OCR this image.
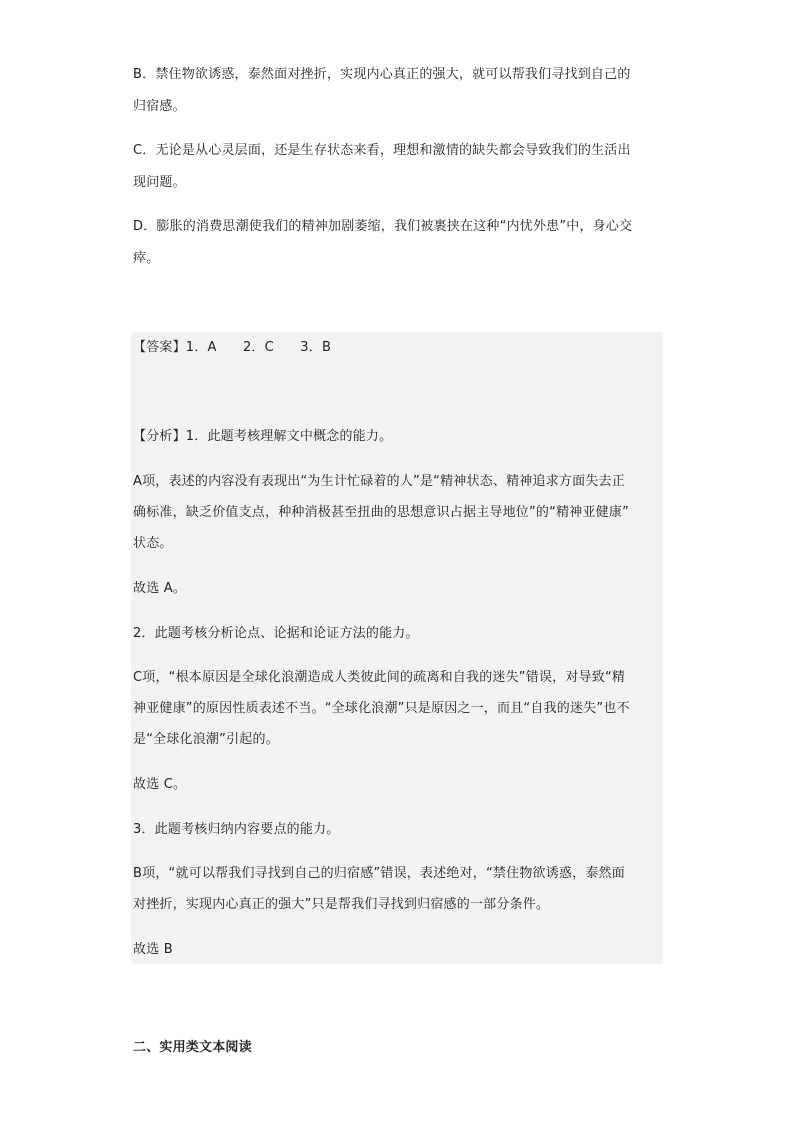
B．禁住物欲诱惑，泰然面对挫折，实现内心真正的强大，就可以帮我们寻找到自己的
归宿感。
C．无论是从心灵层面，还是生存状态来看，理想和激情的缺失都会导致我们的生活出
现问题。
D．膨胀的消费思潮使我们的精神加剧萎缩，我们被裹挟在这种“内忧外患”中，身心交
瘁。
【答案】1．A　　2．C　　3．B
【分析】1．此题考核理解文中概念的能力。
A项，表述的内容没有表现出“为生计忙碌着的人”是“精神状态、精神追求方面失去正
确标准，缺乏价值支点，种种消极甚至扭曲的思想意识占据主导地位”的“精神亚健康”
状态。
故选 A。
2．此题考核分析论点、论据和论证方法的能力。
C项，“根本原因是全球化浪潮造成人类彼此间的疏离和自我的迷失”错误，对导致“精
神亚健康”的原因性质表述不当。“全球化浪潮”只是原因之一，而且“自我的迷失”也不
是“全球化浪潮”引起的。
故选 C。
3．此题考核归纳内容要点的能力。
B项，“就可以帮我们寻找到自己的归宿感”错误，表述绝对，“禁住物欲诱惑，泰然面
对挫折，实现内心真正的强大”只是帮我们寻找到归宿感的一部分条件。
故选 B
二、实用类文本阅读
